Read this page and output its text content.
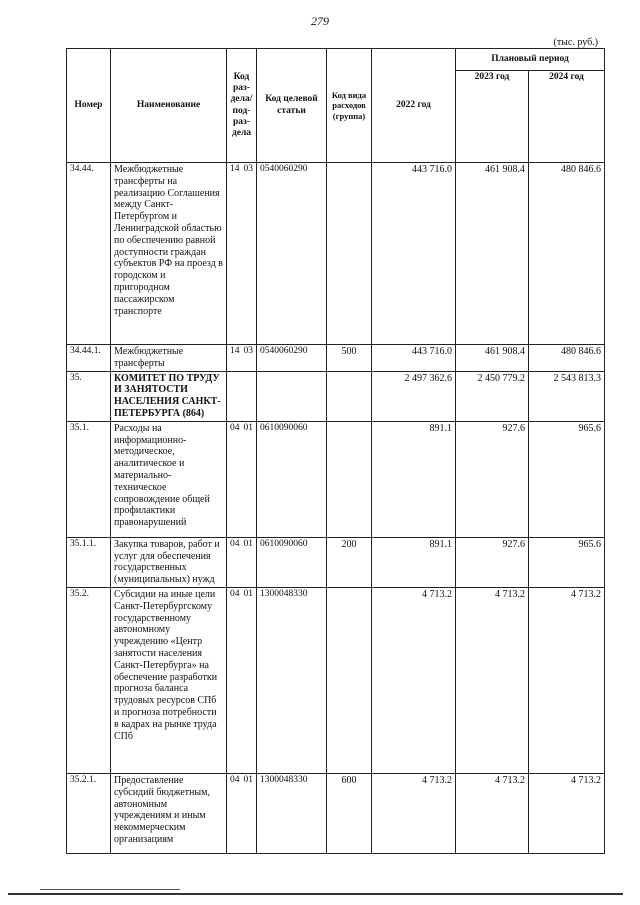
279
(тыс. руб.)
Номер	Наименование	Код раз-дела/ под-раз-дела	Код целевой статьи	Код вида расходов (группа)	2022 год	Плановый период	
						2023 год	2024 год
34.44.	Межбюджетные трансферты на реализацию Соглашения между Санкт-Петербургом и Ленинградской областью по обеспечению равной доступности граждан субъектов РФ на проезд в городском и пригородном пассажирском транспорте	14 03	0540060290		443 716.0	461 908.4	480 846.6
34.44.1.	Межбюджетные трансферты	14 03	0540060290	500	443 716.0	461 908.4	480 846.6
35.	КОМИТЕТ ПО ТРУДУ И ЗАНЯТОСТИ НАСЕЛЕНИЯ САНКТ-ПЕТЕРБУРГА (864)				2 497 362.6	2 450 779.2	2 543 813.3
35.1.	Расходы на информационно-методическое, аналитическое и материально-техническое сопровождение общей профилактики правонарушений	04 01	0610090060		891.1	927.6	965.6
35.1.1.	Закупка товаров, работ и услуг для обеспечения государственных (муниципальных) нужд	04 01	0610090060	200	891.1	927.6	965.6
35.2.	Субсидии на иные цели Санкт-Петербургскому государственному автономному учреждению «Центр занятости населения Санкт-Петербурга» на обеспечение разработки прогноза баланса трудовых ресурсов СПб и прогноза потребности в кадрах на рынке труда СПб	04 01	1300048330		4 713.2	4 713.2	4 713.2
35.2.1.	Предоставление субсидий бюджетным, автономным учреждениям и иным некоммерческим организациям	04 01	1300048330	600	4 713.2	4 713.2	4 713.2
